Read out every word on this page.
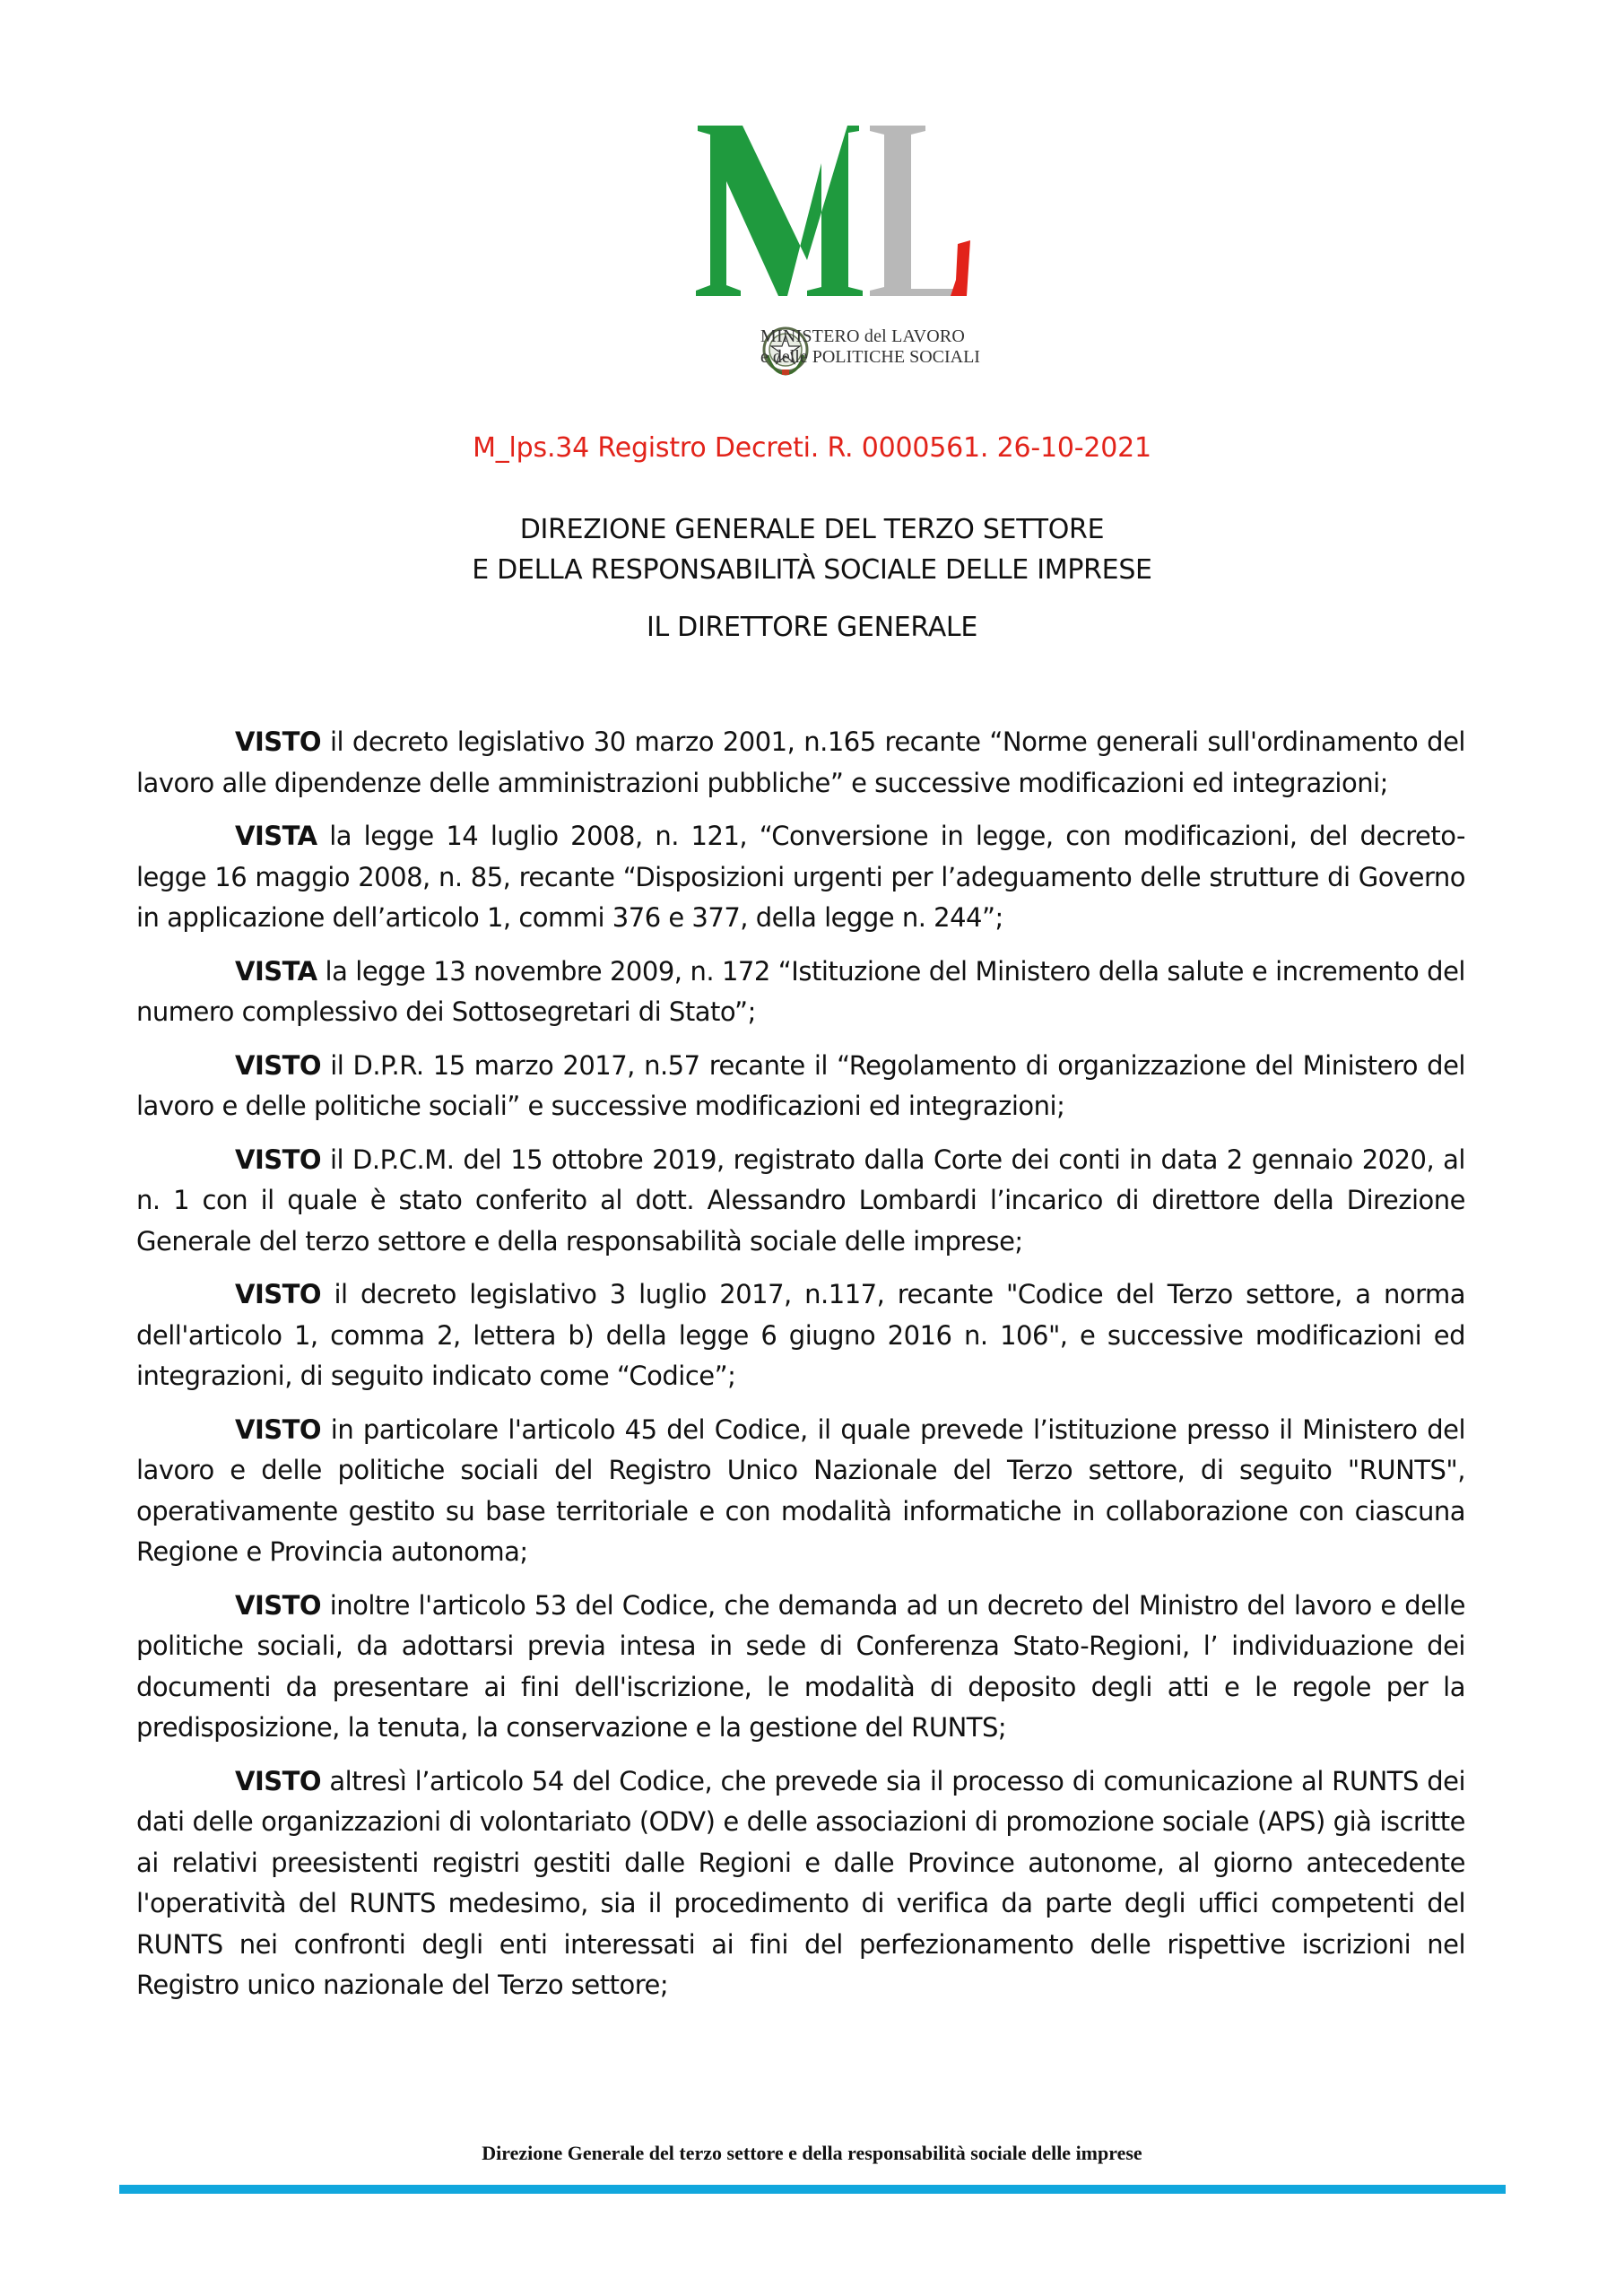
MINISTERO del LAVORO
e delle POLITICHE SOCIALI
M_lps.34 Registro Decreti. R. 0000561. 26-10-2021
DIREZIONE GENERALE DEL TERZO SETTORE
E DELLA RESPONSABILITÀ SOCIALE DELLE IMPRESE
IL DIRETTORE GENERALE

VISTO il decreto legislativo 30 marzo 2001, n.165 recante “Norme generali sull'ordinamento del lavoro alle dipendenze delle amministrazioni pubbliche” e successive modificazioni ed integrazioni;

VISTA la legge 14 luglio 2008, n. 121, “Conversione in legge, con modificazioni, del decreto-legge 16 maggio 2008, n. 85, recante “Disposizioni urgenti per l’adeguamento delle strutture di Governo in applicazione dell’articolo 1, commi 376 e 377, della legge n. 244”;

VISTA la legge 13 novembre 2009, n. 172 “Istituzione del Ministero della salute e incremento del numero complessivo dei Sottosegretari di Stato”;

VISTO il D.P.R. 15 marzo 2017, n.57 recante il “Regolamento di organizzazione del Ministero del lavoro e delle politiche sociali” e successive modificazioni ed integrazioni;

VISTO il D.P.C.M. del 15 ottobre 2019, registrato dalla Corte dei conti in data 2 gennaio 2020, al n. 1 con il quale è stato conferito al dott. Alessandro Lombardi l’incarico di direttore della Direzione Generale del terzo settore e della responsabilità sociale delle imprese;

VISTO il decreto legislativo 3 luglio 2017, n.117, recante "Codice del Terzo settore, a norma dell'articolo 1, comma 2, lettera b) della legge 6 giugno 2016 n. 106", e successive modificazioni ed integrazioni, di seguito indicato come “Codice”;

VISTO in particolare l'articolo 45 del Codice, il quale prevede l’istituzione presso il Ministero del lavoro e delle politiche sociali del Registro Unico Nazionale del Terzo settore, di seguito "RUNTS", operativamente gestito su base territoriale e con modalità informatiche in collaborazione con ciascuna Regione e Provincia autonoma;

VISTO inoltre l'articolo 53 del Codice, che demanda ad un decreto del Ministro del lavoro e delle politiche sociali, da adottarsi previa intesa in sede di Conferenza Stato-Regioni, l’ individuazione dei documenti da presentare ai fini dell'iscrizione, le modalità di deposito degli atti e le regole per la predisposizione, la tenuta, la conservazione e la gestione del RUNTS;

VISTO altresì l’articolo 54 del Codice, che prevede sia il processo di comunicazione al RUNTS dei dati delle organizzazioni di volontariato (ODV) e delle associazioni di promozione sociale (APS) già iscritte ai relativi preesistenti registri gestiti dalle Regioni e dalle Province autonome, al giorno antecedente l'operatività del RUNTS medesimo, sia il procedimento di verifica da parte degli uffici competenti del RUNTS nei confronti degli enti interessati ai fini del perfezionamento delle rispettive iscrizioni nel Registro unico nazionale del Terzo settore;

Direzione Generale del terzo settore e della responsabilità sociale delle imprese
